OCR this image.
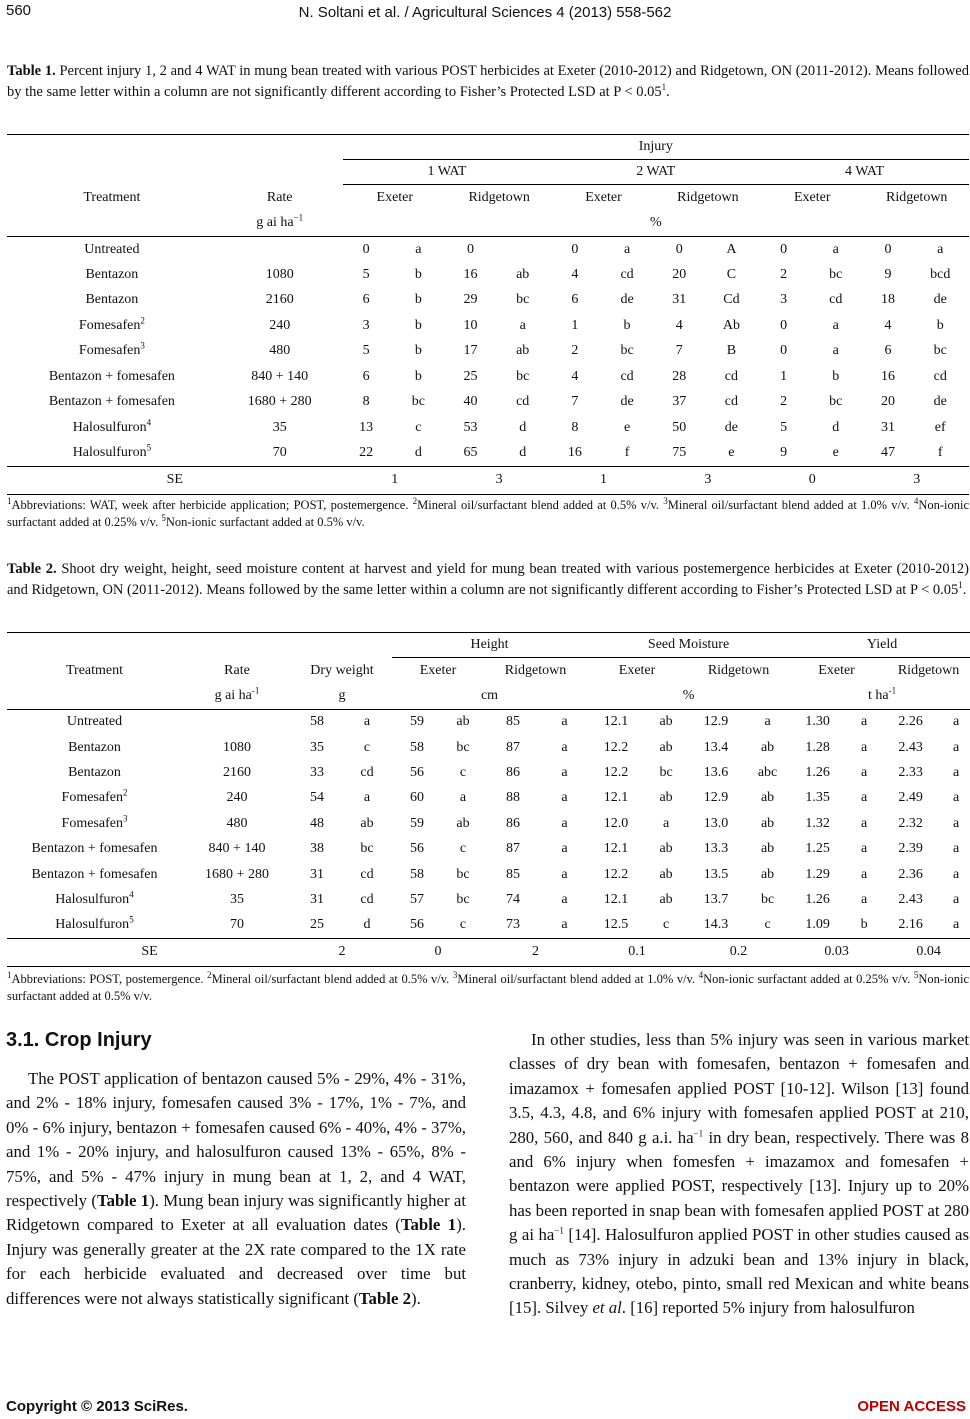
560	N. Soltani et al. / Agricultural Sciences 4 (2013) 558-562
Table 1. Percent injury 1, 2 and 4 WAT in mung bean treated with various POST herbicides at Exeter (2010-2012) and Ridgetown, ON (2011-2012). Means followed by the same letter within a column are not significantly different according to Fisher’s Protected LSD at $P < 0.05^1$.
		Injury											
		1 WAT				2 WAT				4 WAT			
Treatment	Rate	Exeter		Ridgetown		Exeter		Ridgetown		Exeter		Ridgetown	
	g ai $ha^{-1}$	%											
Untreated		0	a	0		0	a	0	A	0	a	0	a
Bentazon	1080	5	b	16	ab	4	cd	20	C	2	bc	9	bcd
Bentazon	2160	6	b	29	bc	6	de	31	Cd	3	cd	18	de
Fomesafen$^2$	240	3	b	10	a	1	b	4	Ab	0	a	4	b
Fomesafen$^3$	480	5	b	17	ab	2	bc	7	B	0	a	6	bc
Bentazon + fomesafen	840 + 140	6	b	25	bc	4	cd	28	cd	1	b	16	cd
Bentazon + fomesafen	1680 + 280	8	bc	40	cd	7	de	37	cd	2	bc	20	de
Halosulfuron$^4$	35	13	c	53	d	8	e	50	de	5	d	31	ef
Halosulfuron$^5$	70	22	d	65	d	16	f	75	e	9	e	47	f
SE		1		3		1		3		0		3	
$^1$Abbreviations: WAT, week after herbicide application; POST, postemergence. $^2$Mineral oil/surfactant blend added at 0.5% v/v. $^3$Mineral oil/surfactant blend added at 1.0% v/v. $^4$Non-ionic surfactant added at 0.25% v/v. $^5$Non-ionic surfactant added at 0.5% v/v.
Table 2. Shoot dry weight, height, seed moisture content at harvest and yield for mung bean treated with various postemergence herbicides at Exeter (2010-2012) and Ridgetown, ON (2011-2012). Means followed by the same letter within a column are not significantly different according to Fisher’s Protected LSD at $P < 0.05^1$.
				Height				Seed Moisture				Yield			
Treatment	Rate	Dry weight		Exeter		Ridgetown		Exeter		Ridgetown		Exeter		Ridgetown	
	g ai $ha^{-1}$	g		cm				%				t $ha^{-1}$
Untreated		58	a	59	ab	85	a	12.1	ab	12.9	a	1.30	a	2.26	a
Bentazon	1080	35	c	58	bc	87	a	12.2	ab	13.4	ab	1.28	a	2.43	a
Bentazon	2160	33	cd	56	c	86	a	12.2	bc	13.6	abc	1.26	a	2.33	a
Fomesafen$^2$	240	54	a	60	a	88	a	12.1	ab	12.9	ab	1.35	a	2.49	a
Fomesafen$^3$	480	48	ab	59	ab	86	a	12.0	a	13.0	ab	1.32	a	2.32	a
Bentazon + fomesafen	840 + 140	38	bc	56	c	87	a	12.1	ab	13.3	ab	1.25	a	2.39	a
Bentazon + fomesafen	1680 + 280	31	cd	58	bc	85	a	12.2	ab	13.5	ab	1.29	a	2.36	a
Halosulfuron$^4$	35	31	cd	57	bc	74	a	12.1	ab	13.7	bc	1.26	a	2.43	a
Halosulfuron$^5$	70	25	d	56	c	73	a	12.5	c	14.3	c	1.09	b	2.16	a
SE		2		0		2		0.1		0.2		0.03		0.04	
$^1$Abbreviations: POST, postemergence. $^2$Mineral oil/surfactant blend added at 0.5% v/v. $^3$Mineral oil/surfactant blend added at 1.0% v/v. $^4$Non-ionic surfactant added at 0.25% v/v. $^5$Non-ionic surfactant added at 0.5% v/v.
3.1. Crop Injury
The POST application of bentazon caused 5% - 29%, 4% - 31%, and 2% - 18% injury, fomesafen caused 3% - 17%, 1% - 7%, and 0% - 6% injury, bentazon + fomesafen caused 6% - 40%, 4% - 37%, and 1% - 20% injury, and halosulfuron caused 13% - 65%, 8% - 75%, and 5% - 47% injury in mung bean at 1, 2, and 4 WAT, respectively (Table 1). Mung bean injury was significantly higher at Ridgetown compared to Exeter at all evaluation dates (Table 1). Injury was generally greater at the 2X rate compared to the 1X rate for each herbicide evaluated and decreased over time but differences were not always statistically significant (Table 2).
In other studies, less than 5% injury was seen in various market classes of dry bean with fomesafen, bentazon + fomesafen and imazamox + fomesafen applied POST [10-12]. Wilson [13] found 3.5, 4.3, 4.8, and 6% injury with fomesafen applied POST at 210, 280, 560, and 840 g a.i. $ha^{-1}$ in dry bean, respectively. There was 8 and 6% injury when fomesfen + imazamox and fomesafen + bentazon were applied POST, respectively [13]. Injury up to 20% has been reported in snap bean with fomesafen applied POST at 280 g ai $ha^{-1}$ [14]. Halosulfuron applied POST in other studies caused as much as 73% injury in adzuki bean and 13% injury in black, cranberry, kidney, otebo, pinto, small red Mexican and white beans [15]. Silvey et al. [16] reported 5% injury from halosulfuron
Copyright © 2013 SciRes.	OPEN ACCESS
